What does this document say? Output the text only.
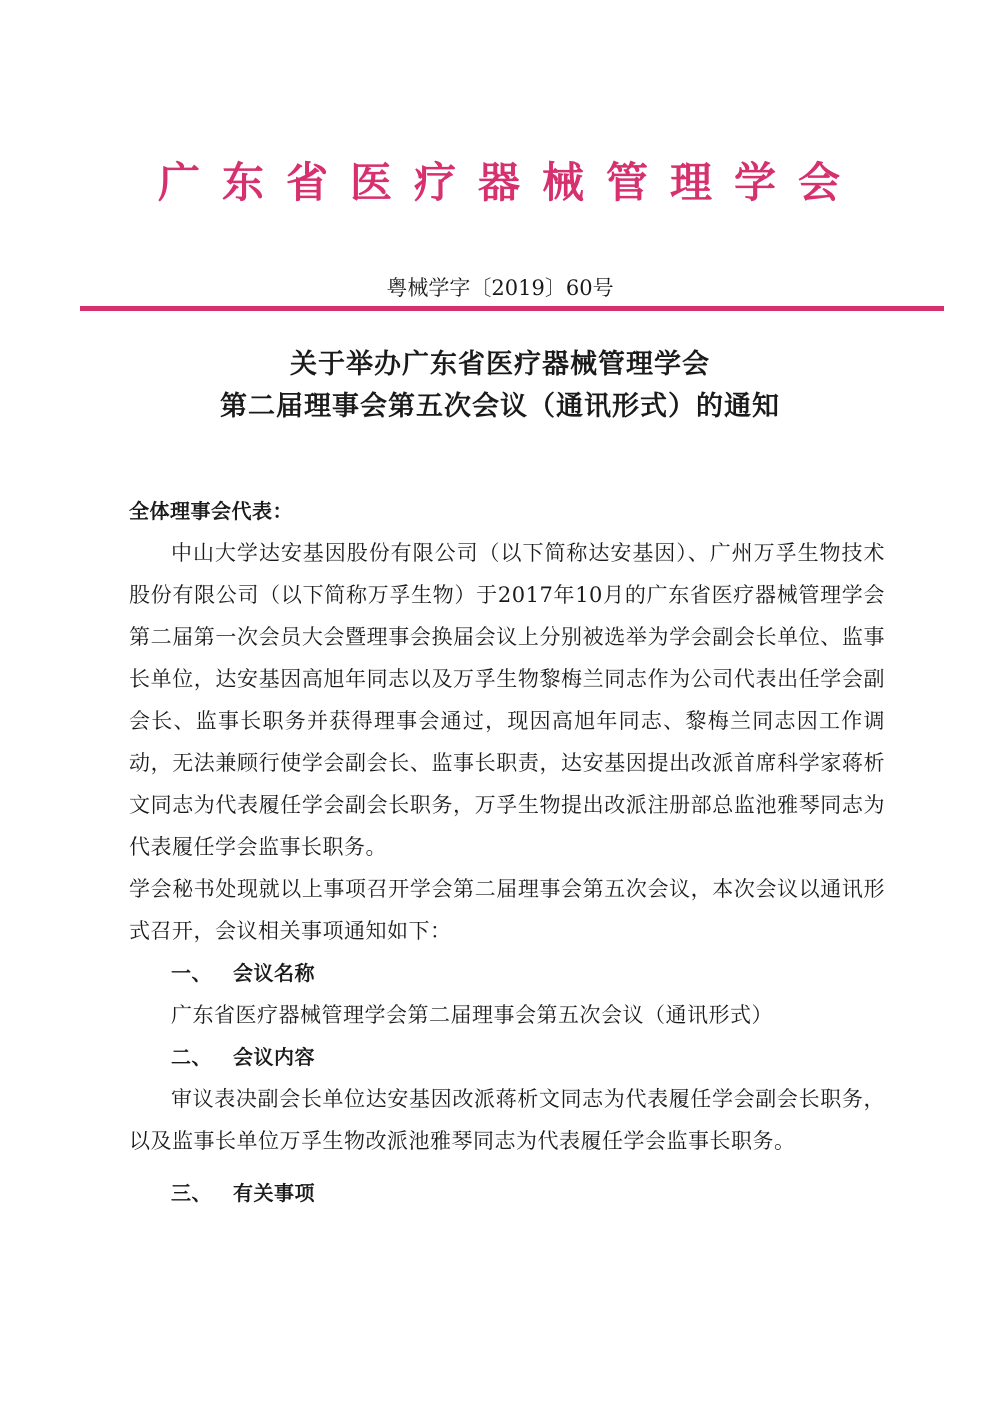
广东省医疗器械管理学会
粤械学字〔2019〕60号
关于举办广东省医疗器械管理学会
第二届理事会第五次会议（通讯形式）的通知

全体理事会代表：

中山大学达安基因股份有限公司（以下简称达安基因）、广州万孚生物技术股份有限公司（以下简称万孚生物）于2017年10月的广东省医疗器械管理学会第二届第一次会员大会暨理事会换届会议上分别被选举为学会副会长单位、监事长单位，达安基因高旭年同志以及万孚生物黎梅兰同志作为公司代表出任学会副会长、监事长职务并获得理事会通过，现因高旭年同志、黎梅兰同志因工作调动，无法兼顾行使学会副会长、监事长职责，达安基因提出改派首席科学家蒋析文同志为代表履任学会副会长职务，万孚生物提出改派注册部总监池雅琴同志为代表履任学会监事长职务。

学会秘书处现就以上事项召开学会第二届理事会第五次会议，本次会议以通讯形式召开，会议相关事项通知如下：

一、 会议名称

广东省医疗器械管理学会第二届理事会第五次会议（通讯形式）

二、 会议内容

审议表决副会长单位达安基因改派蒋析文同志为代表履任学会副会长职务，以及监事长单位万孚生物改派池雅琴同志为代表履任学会监事长职务。

三、 有关事项
